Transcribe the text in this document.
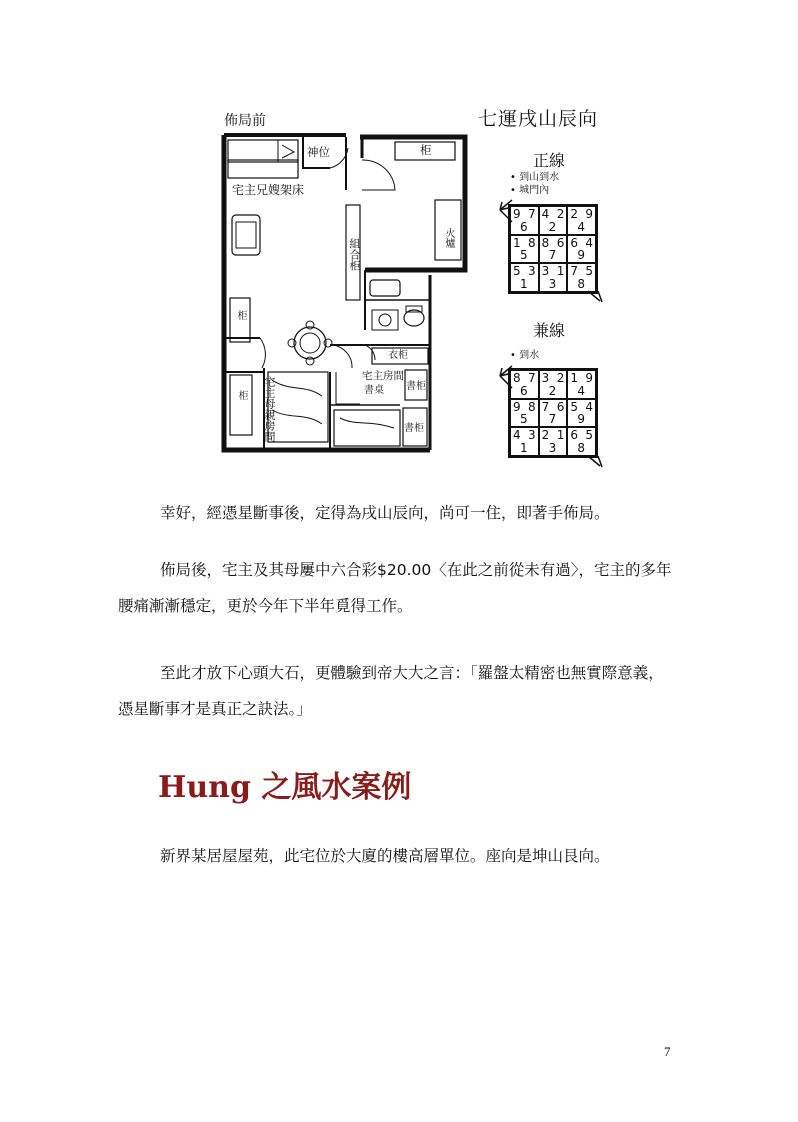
佈局前
神位	柜
宅主兄嫂架床
火爐
組合柜
柜
柜 宅主母親房間
衣柜
宅主房間
書桌 書柜
書柜
七運戌山辰向
正線
• 到山到水
• 城門內
9 7
6
4 2
2
2 9
4
1 8
5
8 6
7
6 4
9
5 3
1
3 1
3
7 5
8
兼線
• 到水
8 7
6
3 2
2
1 9
4
9 8
5
7 6
7
5 4
9
4 3
1
2 1
3
6 5
8

幸好，經憑星斷事後，定得為戌山辰向，尚可一住，即著手佈局。

佈局後，宅主及其母屢中六合彩$20.00〈在此之前從未有過〉，宅主的多年腰痛漸漸穩定，更於今年下半年覓得工作。

至此才放下心頭大石，更體驗到帝大大之言：「羅盤太精密也無實際意義，憑星斷事才是真正之訣法。」

Hung 之風水案例

新界某居屋屋苑，此宅位於大廈的樓高層單位。座向是坤山艮向。

7
